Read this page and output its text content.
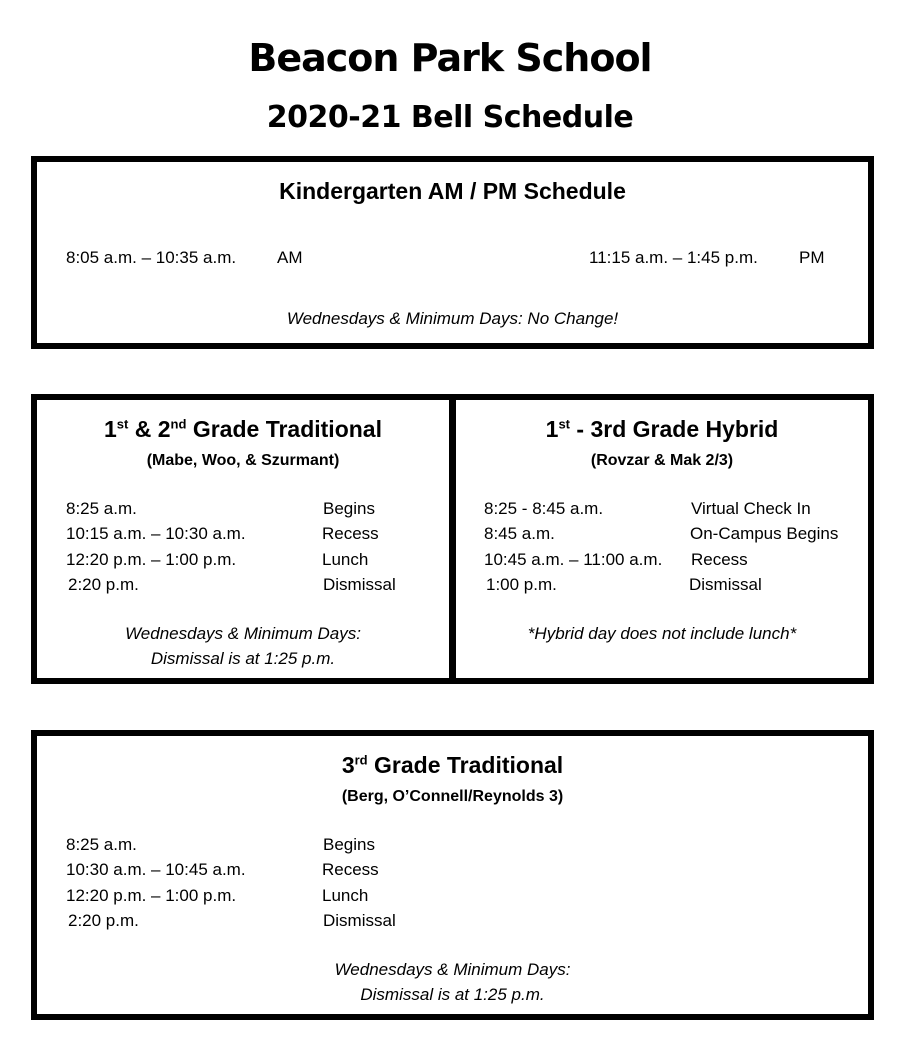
Beacon Park School
2020-21 Bell Schedule
Kindergarten AM / PM Schedule
8:05 a.m. – 10:35 a.m. AM	11:15 a.m. – 1:45 p.m. PM
Wednesdays & Minimum Days: No Change!
1st & 2nd Grade Traditional
(Mabe, Woo, & Szurmant)
8:25 a.m.	Begins
10:15 a.m. – 10:30 a.m.	Recess
12:20 p.m. – 1:00 p.m.	Lunch
2:20 p.m.	Dismissal
Wednesdays & Minimum Days:
Dismissal is at 1:25 p.m.
1st - 3rd Grade Hybrid
(Rovzar & Mak 2/3)
8:25 - 8:45 a.m.	Virtual Check In
8:45 a.m.	On-Campus Begins
10:45 a.m. – 11:00 a.m. Recess
1:00 p.m.	Dismissal
*Hybrid day does not include lunch*
3rd Grade Traditional
(Berg, O’Connell/Reynolds 3)
8:25 a.m.	Begins
10:30 a.m. – 10:45 a.m.	Recess
12:20 p.m. – 1:00 p.m.	Lunch
2:20 p.m.	Dismissal
Wednesdays & Minimum Days:
Dismissal is at 1:25 p.m.
